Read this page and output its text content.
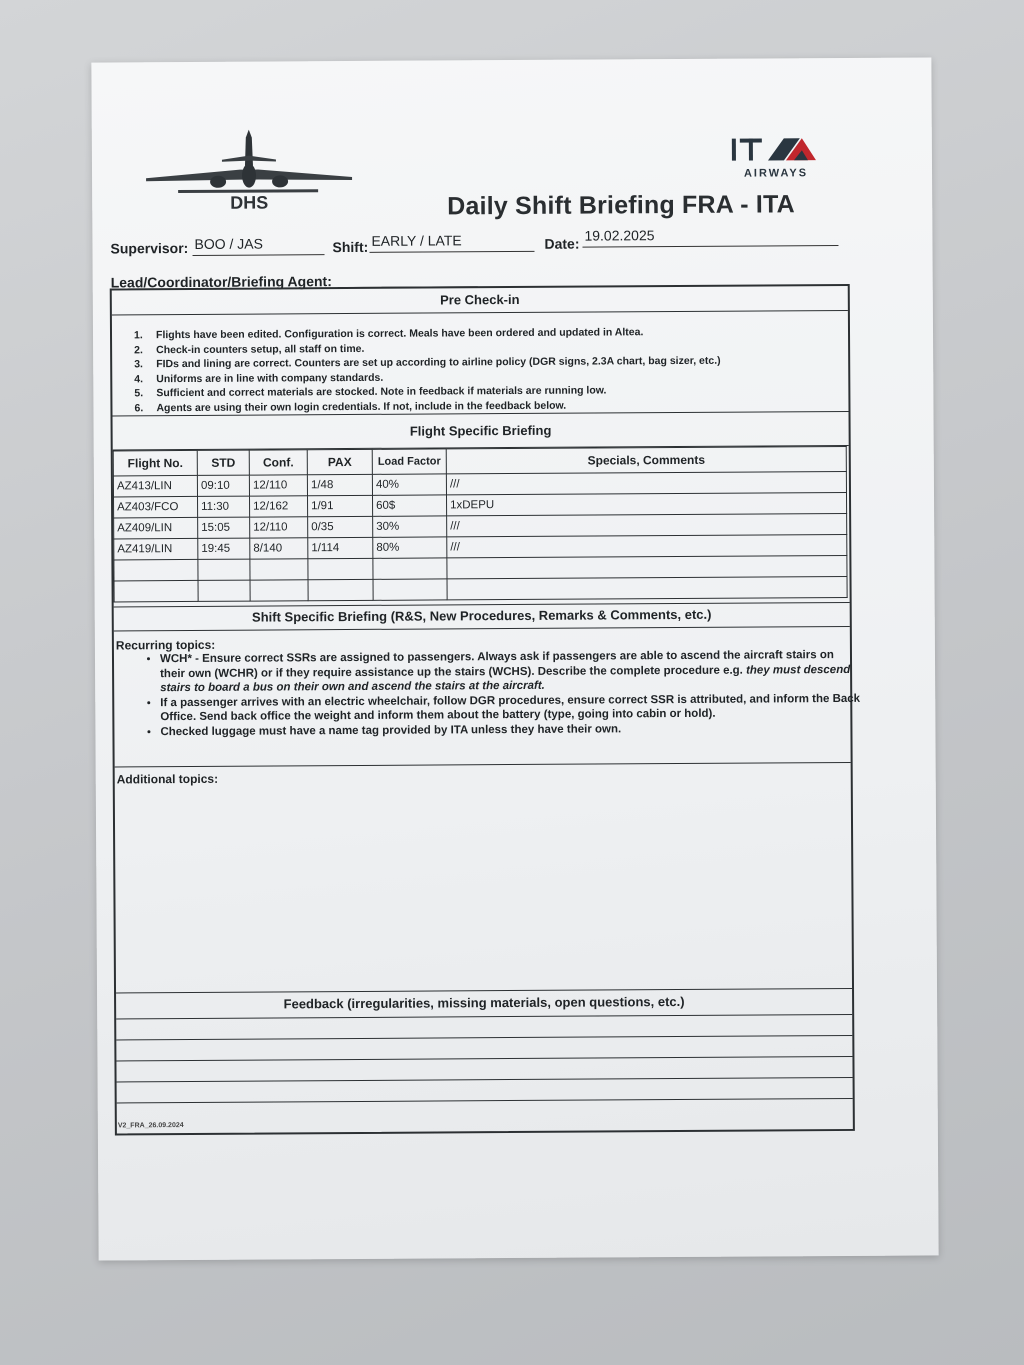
DHS
AIRWAYS
Daily Shift Briefing FRA - ITA
Supervisor: BOO / JAS	Shift: EARLY / LATE	Date:
19.02.2025
Lead/Coordinator/Briefing Agent:
Pre Check-in
1. Flights have been edited. Configuration is correct. Meals have been ordered and updated in Altea.
2. Check-in counters setup, all staff on time.
3. FIDs and lining are correct. Counters are set up according to airline policy (DGR signs, 2.3A chart, bag sizer, etc.)
4. Uniforms are in line with company standards.
5. Sufficient and correct materials are stocked. Note in feedback if materials are running low.
6. Agents are using their own login credentials. If not, include in the feedback below.
Flight Specific Briefing
Flight No.	STD	Conf.	PAX	Load Factor	Specials, Comments
AZ413/LIN	09:10	12/110	1/48	40%	///
AZ403/FCO	11:30	12/162	1/91	60$	1xDEPU
AZ409/LIN	15:05	12/110	0/35	30%	///
AZ419/LIN	19:45	8/140	1/114	80%	///

Shift Specific Briefing (R&S, New Procedures, Remarks & Comments, etc.)
Recurring topics:
• WCH* - Ensure correct SSRs are assigned to passengers. Always ask if passengers are able to ascend the aircraft stairs on their own (WCHR) or if they require assistance up the stairs (WCHS). Describe the complete procedure e.g. they must descend stairs to board a bus on their own and ascend the stairs at the aircraft.
• If a passenger arrives with an electric wheelchair, follow DGR procedures, ensure correct SSR is attributed, and inform the Back Office. Send back office the weight and inform them about the battery (type, going into cabin or hold).
• Checked luggage must have a name tag provided by ITA unless they have their own.
Additional topics:
Feedback (irregularities, missing materials, open questions, etc.)
V2_FRA_26.09.2024
